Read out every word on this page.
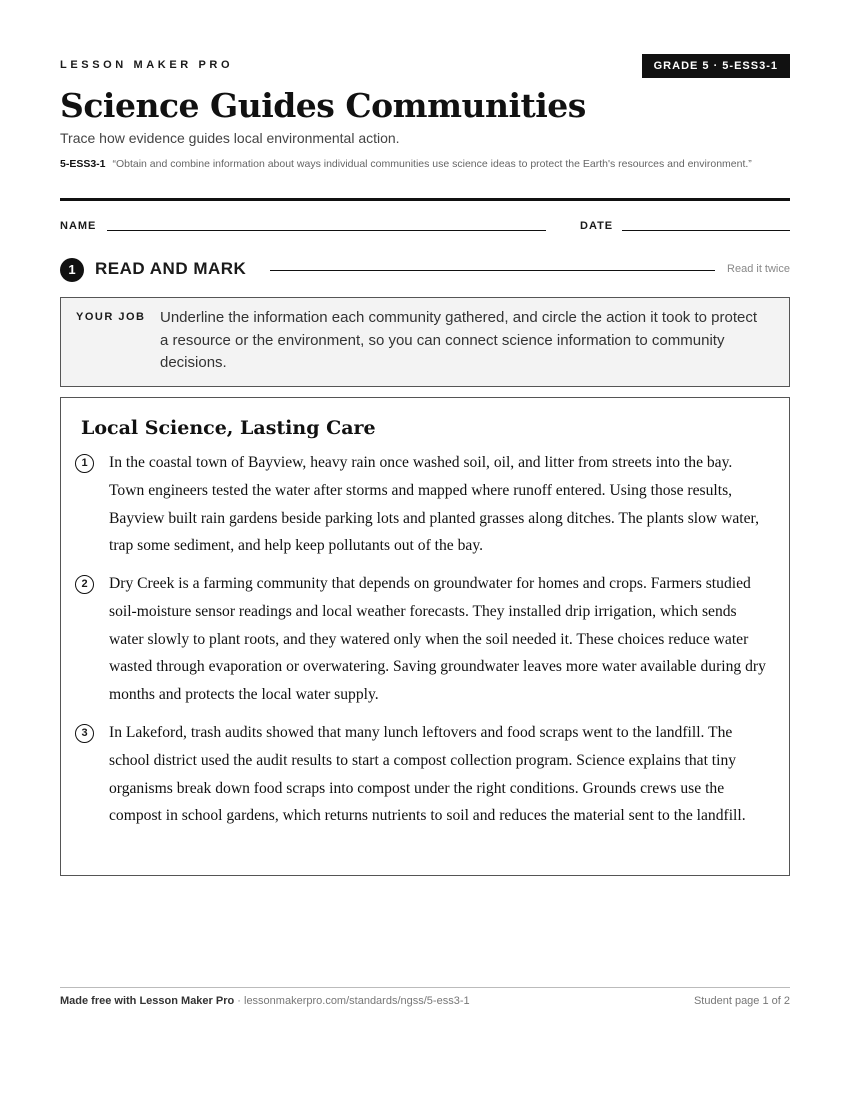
LESSON MAKER PRO	GRADE 5 · 5-ESS3-1
Science Guides Communities
Trace how evidence guides local environmental action.
5-ESS3-1 “Obtain and combine information about ways individual communities use science ideas to protect the Earth's resources and environment.”
NAME	DATE
1	READ AND MARK	Read it twice
YOUR JOB Underline the information each community gathered, and circle the action it took to protect a resource or the environment, so you can connect science information to community decisions.
Local Science, Lasting Care
1	In the coastal town of Bayview, heavy rain once washed soil, oil, and litter from streets into the bay. Town engineers tested the water after storms and mapped where runoff entered. Using those results, Bayview built rain gardens beside parking lots and planted grasses along ditches. The plants slow water, trap some sediment, and help keep pollutants out of the bay.

2	Dry Creek is a farming community that depends on groundwater for homes and crops. Farmers studied soil-moisture sensor readings and local weather forecasts. They installed drip irrigation, which sends water slowly to plant roots, and they watered only when the soil needed it. These choices reduce water wasted through evaporation or overwatering. Saving groundwater leaves more water available during dry months and protects the local water supply.

3	In Lakeford, trash audits showed that many lunch leftovers and food scraps went to the landfill. The school district used the audit results to start a compost collection program. Science explains that tiny organisms break down food scraps into compost under the right conditions. Grounds crews use the compost in school gardens, which returns nutrients to soil and reduces the material sent to the landfill.

Made free with Lesson Maker Pro · lessonmakerpro.com/standards/ngss/5-ess3-1	Student page 1 of 2
